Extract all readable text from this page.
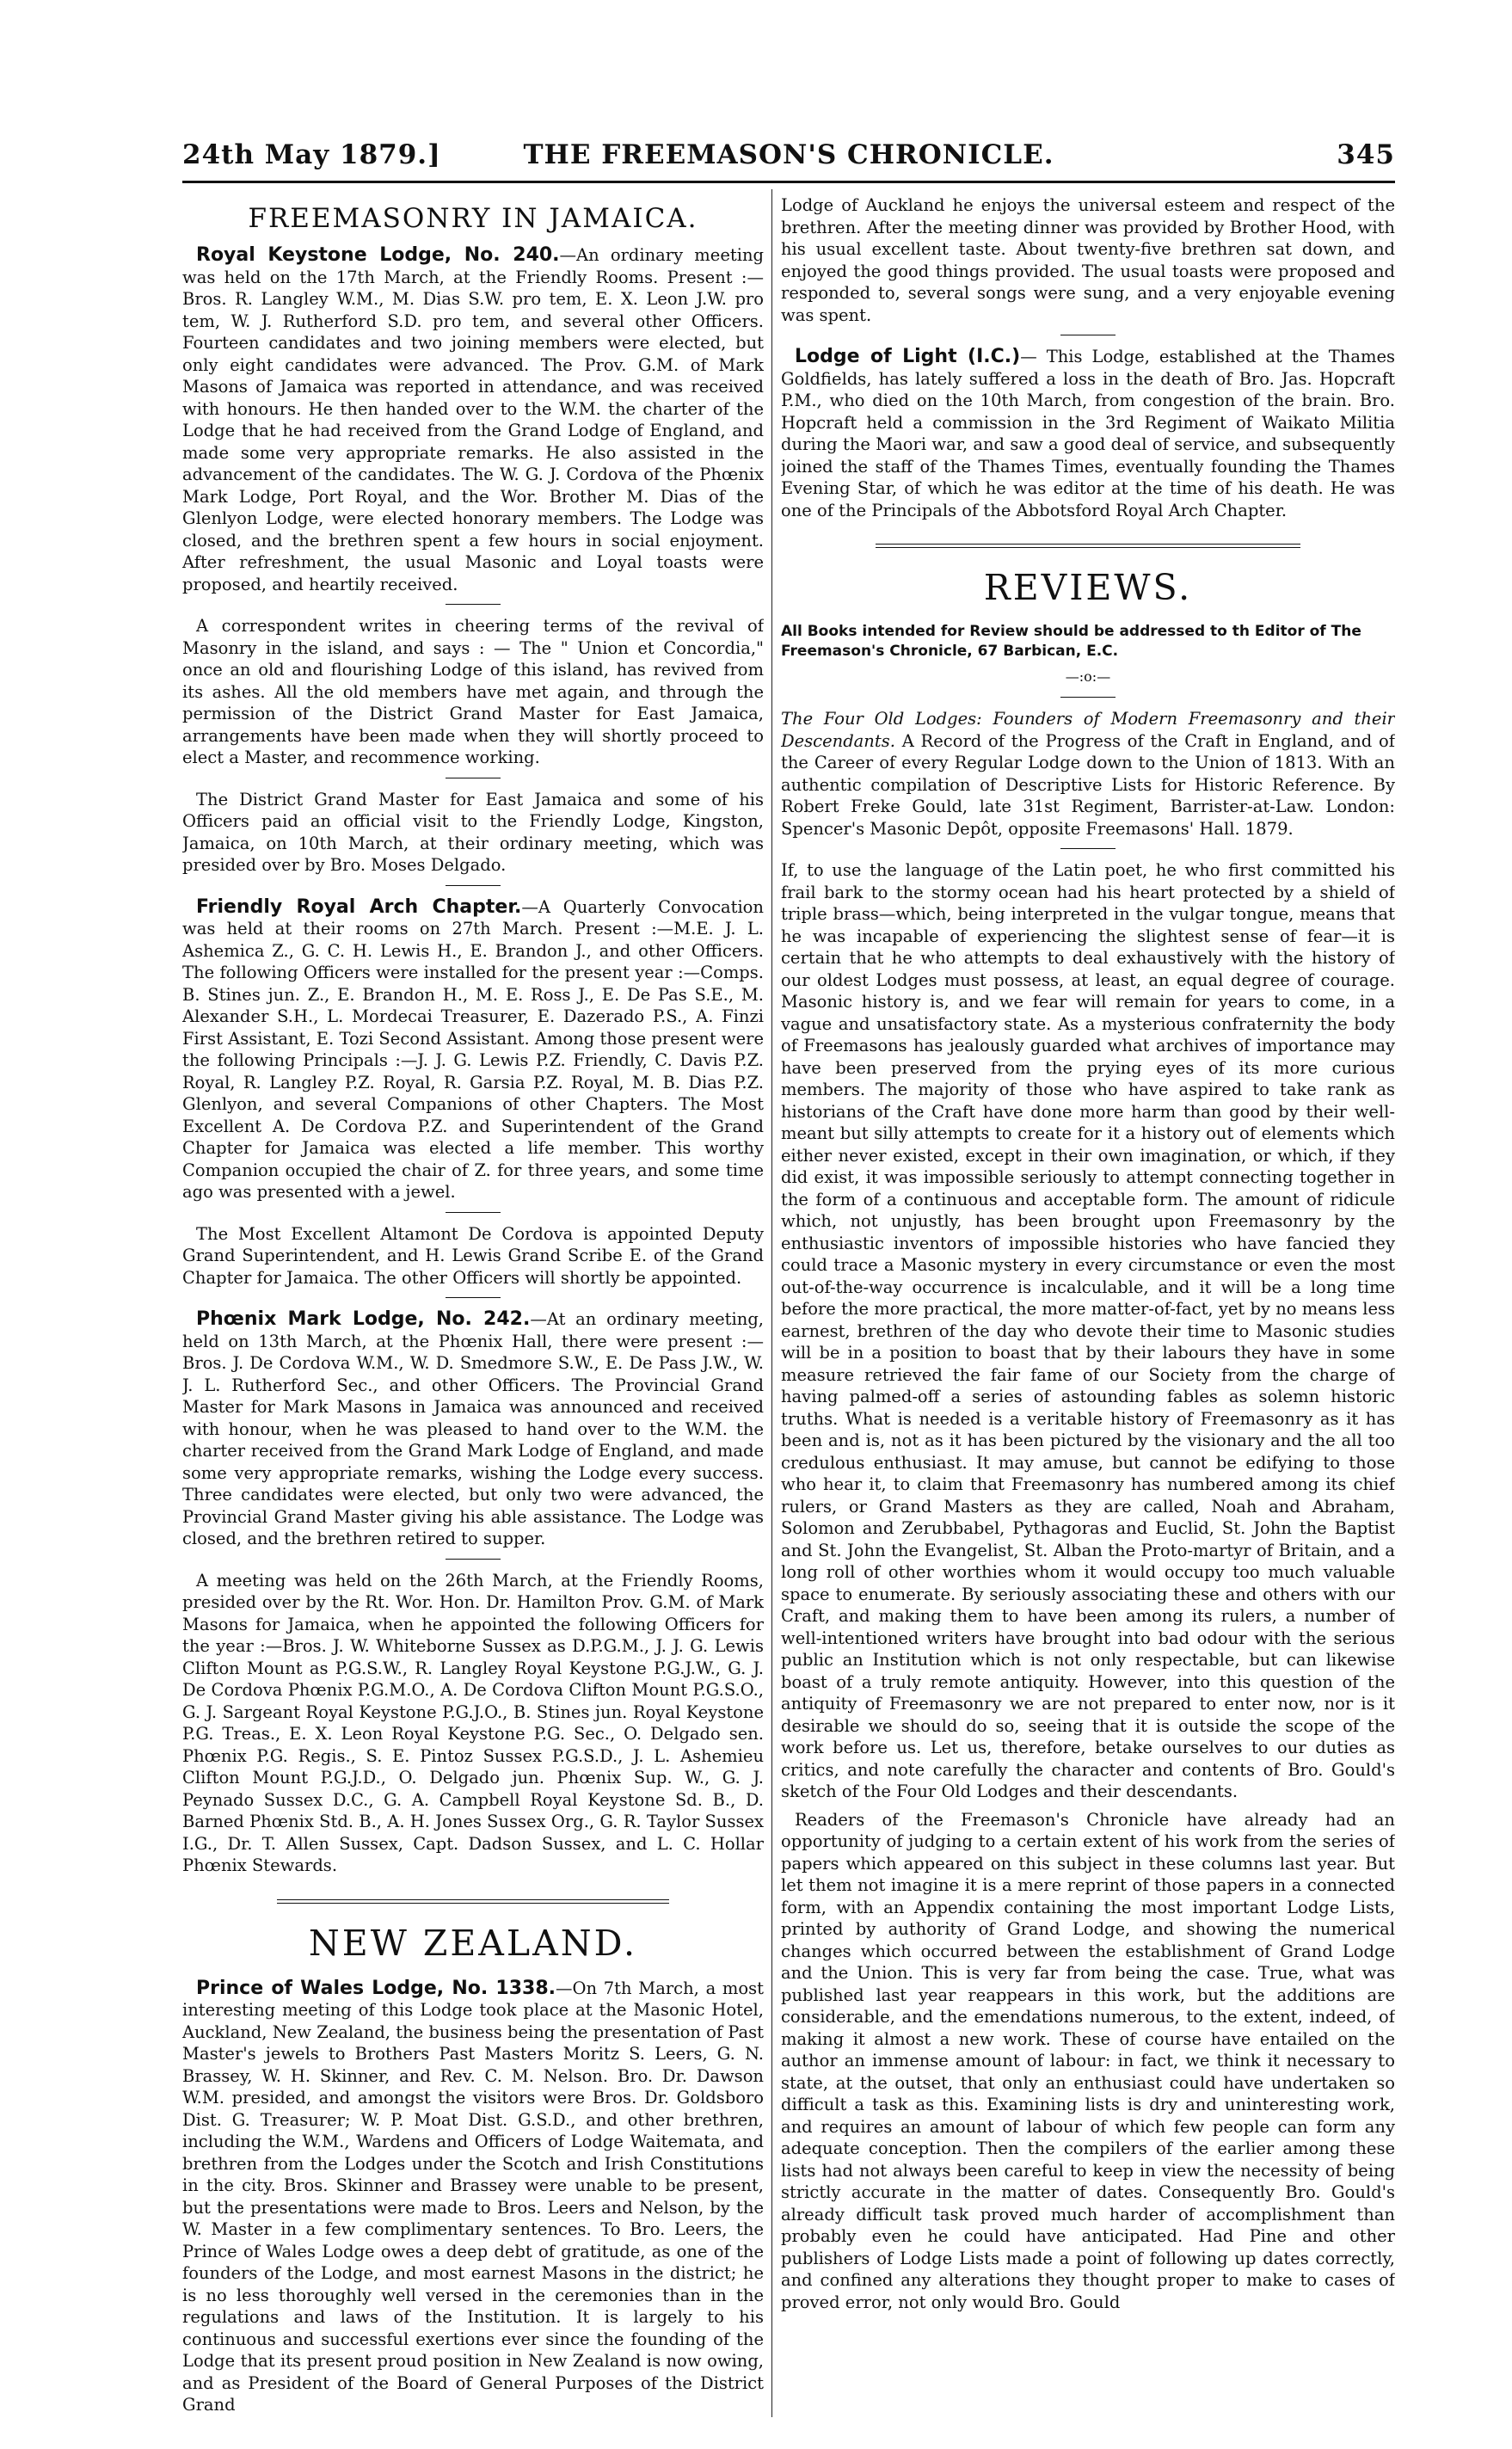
24th May 1879.]	THE FREEMASON'S CHRONICLE.	345
FREEMASONRY IN JAMAICA.

Royal Keystone Lodge, No. 240.—An ordinary meeting was held on the 17th March, at the Friendly Rooms. Present :—Bros. R. Langley W.M., M. Dias S.W. pro tem, E. X. Leon J.W. pro tem, W. J. Rutherford S.D. pro tem, and several other Officers. Fourteen candidates and two joining members were elected, but only eight candidates were advanced. The Prov. G.M. of Mark Masons of Jamaica was reported in attendance, and was received with honours. He then handed over to the W.M. the charter of the Lodge that he had received from the Grand Lodge of England, and made some very appropriate remarks. He also assisted in the advancement of the candidates. The W. G. J. Cordova of the Phœnix Mark Lodge, Port Royal, and the Wor. Brother M. Dias of the Glenlyon Lodge, were elected honorary members. The Lodge was closed, and the brethren spent a few hours in social enjoyment. After refreshment, the usual Masonic and Loyal toasts were proposed, and heartily received.

A correspondent writes in cheering terms of the revival of Masonry in the island, and says : — The " Union et Concordia," once an old and flourishing Lodge of this island, has revived from its ashes. All the old members have met again, and through the permission of the District Grand Master for East Jamaica, arrangements have been made when they will shortly proceed to elect a Master, and recommence working.

The District Grand Master for East Jamaica and some of his Officers paid an official visit to the Friendly Lodge, Kingston, Jamaica, on 10th March, at their ordinary meeting, which was presided over by Bro. Moses Delgado.

Friendly Royal Arch Chapter.—A Quarterly Convocation was held at their rooms on 27th March. Present :—M.E. J. L. Ashemica Z., G. C. H. Lewis H., E. Brandon J., and other Officers. The following Officers were installed for the present year :—Comps. B. Stines jun. Z., E. Brandon H., M. E. Ross J., E. De Pas S.E., M. Alexander S.H., L. Mordecai Treasurer, E. Dazerado P.S., A. Finzi First Assistant, E. Tozi Second Assistant. Among those present were the following Principals :—J. J. G. Lewis P.Z. Friendly, C. Davis P.Z. Royal, R. Langley P.Z. Royal, R. Garsia P.Z. Royal, M. B. Dias P.Z. Glenlyon, and several Companions of other Chapters. The Most Excellent A. De Cordova P.Z. and Superintendent of the Grand Chapter for Jamaica was elected a life member. This worthy Companion occupied the chair of Z. for three years, and some time ago was presented with a jewel.

The Most Excellent Altamont De Cordova is appointed Deputy Grand Superintendent, and H. Lewis Grand Scribe E. of the Grand Chapter for Jamaica. The other Officers will shortly be appointed.

Phœnix Mark Lodge, No. 242.—At an ordinary meeting, held on 13th March, at the Phœnix Hall, there were present :—Bros. J. De Cordova W.M., W. D. Smedmore S.W., E. De Pass J.W., W. J. L. Rutherford Sec., and other Officers. The Provincial Grand Master for Mark Masons in Jamaica was announced and received with honour, when he was pleased to hand over to the W.M. the charter received from the Grand Mark Lodge of England, and made some very appropriate remarks, wishing the Lodge every success. Three candidates were elected, but only two were advanced, the Provincial Grand Master giving his able assistance. The Lodge was closed, and the brethren retired to supper.

A meeting was held on the 26th March, at the Friendly Rooms, presided over by the Rt. Wor. Hon. Dr. Hamilton Prov. G.M. of Mark Masons for Jamaica, when he appointed the following Officers for the year :—Bros. J. W. Whiteborne Sussex as D.P.G.M., J. J. G. Lewis Clifton Mount as P.G.S.W., R. Langley Royal Keystone P.G.J.W., G. J. De Cordova Phœnix P.G.M.O., A. De Cordova Clifton Mount P.G.S.O., G. J. Sargeant Royal Keystone P.G.J.O., B. Stines jun. Royal Keystone P.G. Treas., E. X. Leon Royal Keystone P.G. Sec., O. Delgado sen. Phœnix P.G. Regis., S. E. Pintoz Sussex P.G.S.D., J. L. Ashemieu Clifton Mount P.G.J.D., O. Delgado jun. Phœnix Sup. W., G. J. Peynado Sussex D.C., G. A. Campbell Royal Keystone Sd. B., D. Barned Phœnix Std. B., A. H. Jones Sussex Org., G. R. Taylor Sussex I.G., Dr. T. Allen Sussex, Capt. Dadson Sussex, and L. C. Hollar Phœnix Stewards.

NEW ZEALAND.

Prince of Wales Lodge, No. 1338.—On 7th March, a most interesting meeting of this Lodge took place at the Masonic Hotel, Auckland, New Zealand, the business being the presentation of Past Master's jewels to Brothers Past Masters Moritz S. Leers, G. N. Brassey, W. H. Skinner, and Rev. C. M. Nelson. Bro. Dr. Dawson W.M. presided, and amongst the visitors were Bros. Dr. Goldsboro Dist. G. Treasurer; W. P. Moat Dist. G.S.D., and other brethren, including the W.M., Wardens and Officers of Lodge Waitemata, and brethren from the Lodges under the Scotch and Irish Constitutions in the city. Bros. Skinner and Brassey were unable to be present, but the presentations were made to Bros. Leers and Nelson, by the W. Master in a few complimentary sentences. To Bro. Leers, the Prince of Wales Lodge owes a deep debt of gratitude, as one of the founders of the Lodge, and most earnest Masons in the district; he is no less thoroughly well versed in the ceremonies than in the regulations and laws of the Institution. It is largely to his continuous and successful exertions ever since the founding of the Lodge that its present proud position in New Zealand is now owing, and as President of the Board of General Purposes of the District Grand

Lodge of Auckland he enjoys the universal esteem and respect of the brethren. After the meeting dinner was provided by Brother Hood, with his usual excellent taste. About twenty-five brethren sat down, and enjoyed the good things provided. The usual toasts were proposed and responded to, several songs were sung, and a very enjoyable evening was spent.

Lodge of Light (I.C.)— This Lodge, established at the Thames Goldfields, has lately suffered a loss in the death of Bro. Jas. Hopcraft P.M., who died on the 10th March, from congestion of the brain. Bro. Hopcraft held a commission in the 3rd Regiment of Waikato Militia during the Maori war, and saw a good deal of service, and subsequently joined the staff of the Thames Times, eventually founding the Thames Evening Star, of which he was editor at the time of his death. He was one of the Principals of the Abbotsford Royal Arch Chapter.

REVIEWS.

All Books intended for Review should be addressed to th Editor of The Freemason's Chronicle, 67 Barbican, E.C.

—:o:—

The Four Old Lodges: Founders of Modern Freemasonry and their Descendants. A Record of the Progress of the Craft in England, and of the Career of every Regular Lodge down to the Union of 1813. With an authentic compilation of Descriptive Lists for Historic Reference. By Robert Freke Gould, late 31st Regiment, Barrister-at-Law. London: Spencer's Masonic Depôt, opposite Freemasons' Hall. 1879.

If, to use the language of the Latin poet, he who first committed his frail bark to the stormy ocean had his heart protected by a shield of triple brass—which, being interpreted in the vulgar tongue, means that he was incapable of experiencing the slightest sense of fear—it is certain that he who attempts to deal exhaustively with the history of our oldest Lodges must possess, at least, an equal degree of courage. Masonic history is, and we fear will remain for years to come, in a vague and unsatisfactory state. As a mysterious confraternity the body of Freemasons has jealously guarded what archives of importance may have been preserved from the prying eyes of its more curious members. The majority of those who have aspired to take rank as historians of the Craft have done more harm than good by their well-meant but silly attempts to create for it a history out of elements which either never existed, except in their own imagination, or which, if they did exist, it was impossible seriously to attempt connecting together in the form of a continuous and acceptable form. The amount of ridicule which, not unjustly, has been brought upon Freemasonry by the enthusiastic inventors of impossible histories who have fancied they could trace a Masonic mystery in every circumstance or even the most out-of-the-way occurrence is incalculable, and it will be a long time before the more practical, the more matter-of-fact, yet by no means less earnest, brethren of the day who devote their time to Masonic studies will be in a position to boast that by their labours they have in some measure retrieved the fair fame of our Society from the charge of having palmed-off a series of astounding fables as solemn historic truths. What is needed is a veritable history of Freemasonry as it has been and is, not as it has been pictured by the visionary and the all too credulous enthusiast. It may amuse, but cannot be edifying to those who hear it, to claim that Freemasonry has numbered among its chief rulers, or Grand Masters as they are called, Noah and Abraham, Solomon and Zerubbabel, Pythagoras and Euclid, St. John the Baptist and St. John the Evangelist, St. Alban the Proto-martyr of Britain, and a long roll of other worthies whom it would occupy too much valuable space to enumerate. By seriously associating these and others with our Craft, and making them to have been among its rulers, a number of well-intentioned writers have brought into bad odour with the serious public an Institution which is not only respectable, but can likewise boast of a truly remote antiquity. However, into this question of the antiquity of Freemasonry we are not prepared to enter now, nor is it desirable we should do so, seeing that it is outside the scope of the work before us. Let us, therefore, betake ourselves to our duties as critics, and note carefully the character and contents of Bro. Gould's sketch of the Four Old Lodges and their descendants.

Readers of the Freemason's Chronicle have already had an opportunity of judging to a certain extent of his work from the series of papers which appeared on this subject in these columns last year. But let them not imagine it is a mere reprint of those papers in a connected form, with an Appendix containing the most important Lodge Lists, printed by authority of Grand Lodge, and showing the numerical changes which occurred between the establishment of Grand Lodge and the Union. This is very far from being the case. True, what was published last year reappears in this work, but the additions are considerable, and the emendations numerous, to the extent, indeed, of making it almost a new work. These of course have entailed on the author an immense amount of labour: in fact, we think it necessary to state, at the outset, that only an enthusiast could have undertaken so difficult a task as this. Examining lists is dry and uninteresting work, and requires an amount of labour of which few people can form any adequate conception. Then the compilers of the earlier among these lists had not always been careful to keep in view the necessity of being strictly accurate in the matter of dates. Consequently Bro. Gould's already difficult task proved much harder of accomplishment than probably even he could have anticipated. Had Pine and other publishers of Lodge Lists made a point of following up dates correctly, and confined any alterations they thought proper to make to cases of proved error, not only would Bro. Gould
